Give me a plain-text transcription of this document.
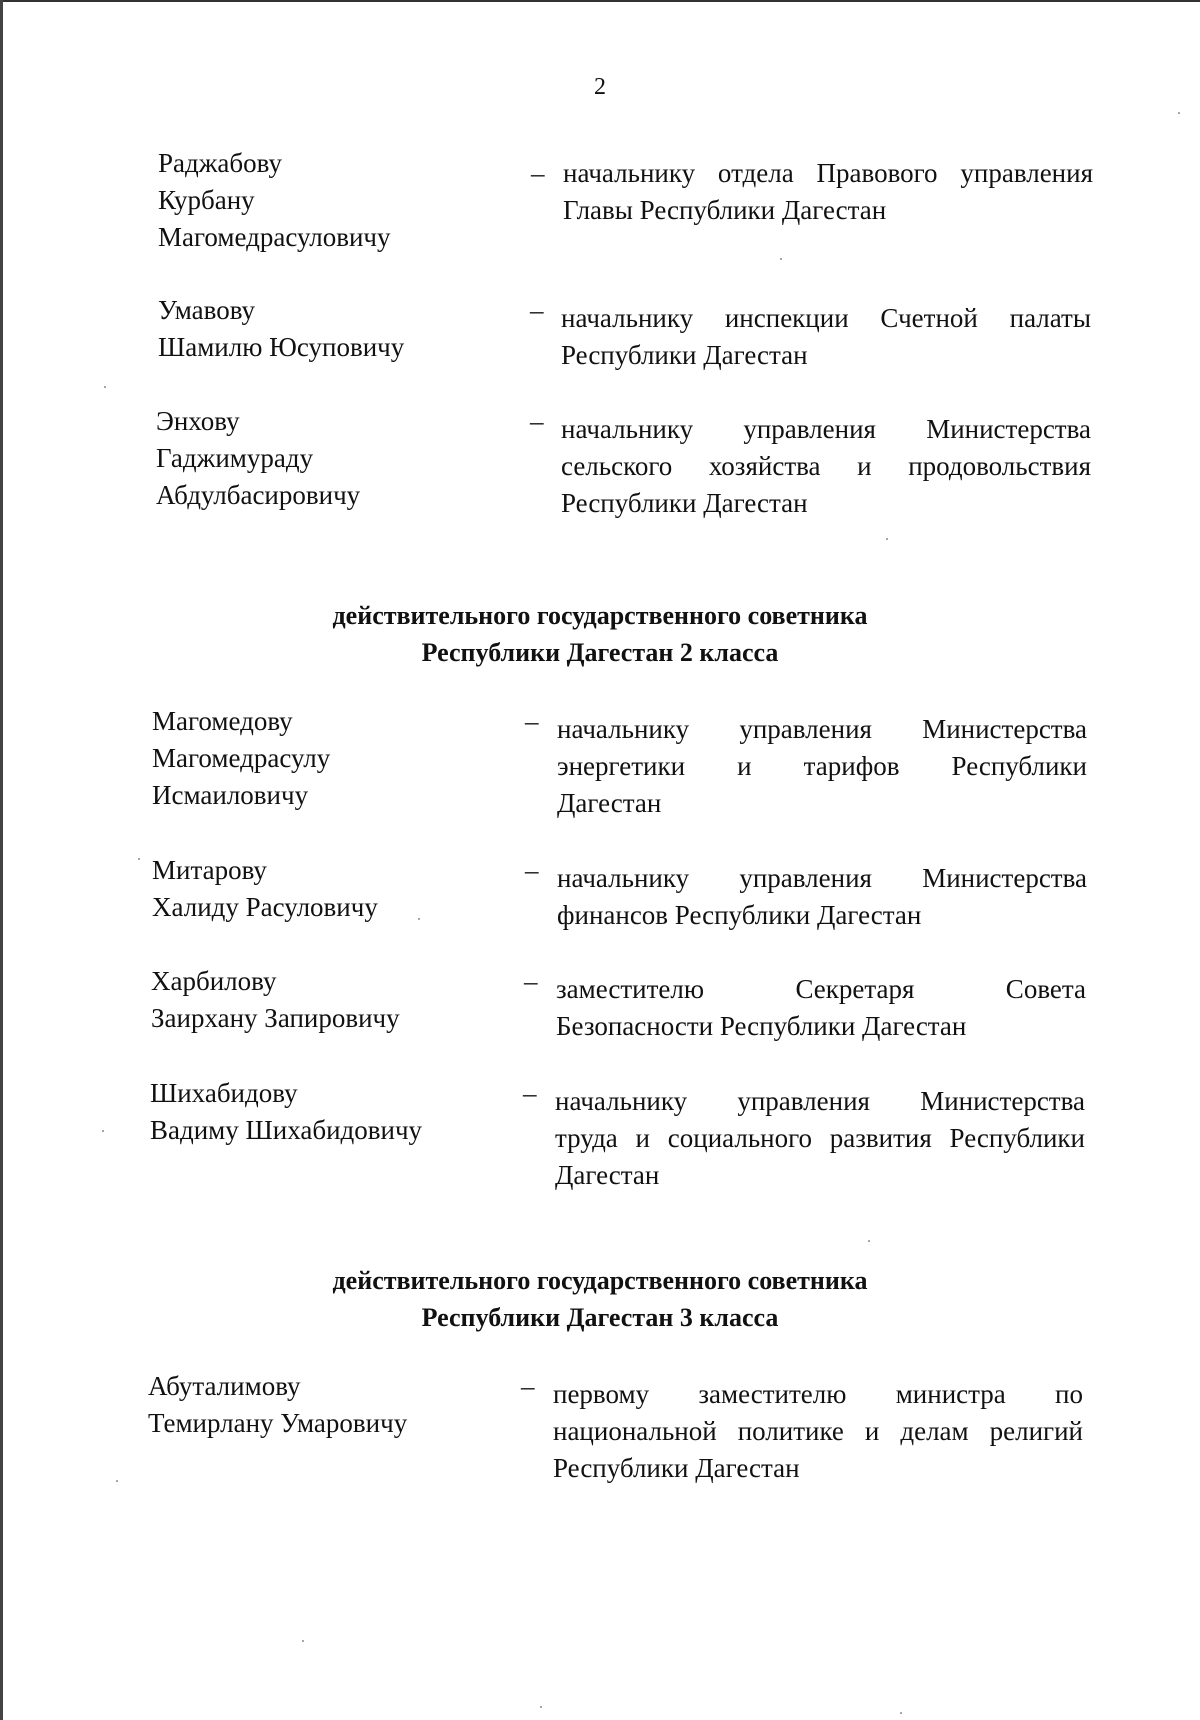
2
Раджабову
Курбану
Магомедрасуловичу
– начальнику отдела Правового управления
Главы Республики Дагестан
Умавову
Шамилю Юсуповичу
– начальнику инспекции Счетной палаты
Республики Дагестан
Энхову
Гаджимураду
Абдулбасировичу
– начальнику управления Министерства
сельского хозяйства и продовольствия
Республики Дагестан
действительного государственного советника
Республики Дагестан 2 класса
Магомедову
Магомедрасулу
Исмаиловичу
– начальнику управления Министерства
энергетики и тарифов Республики
Дагестан
Митарову
Халиду Расуловичу
– начальнику управления Министерства
финансов Республики Дагестан
Харбилову
Заирхану Запировичу
– заместителю Секретаря Совета
Безопасности Республики Дагестан
Шихабидову
Вадиму Шихабидовичу
– начальнику управления Министерства
труда и социального развития Республики
Дагестан
действительного государственного советника
Республики Дагестан 3 класса
Абуталимову
Темирлану Умаровичу
– первому заместителю министра по
национальной политике и делам религий
Республики Дагестан
